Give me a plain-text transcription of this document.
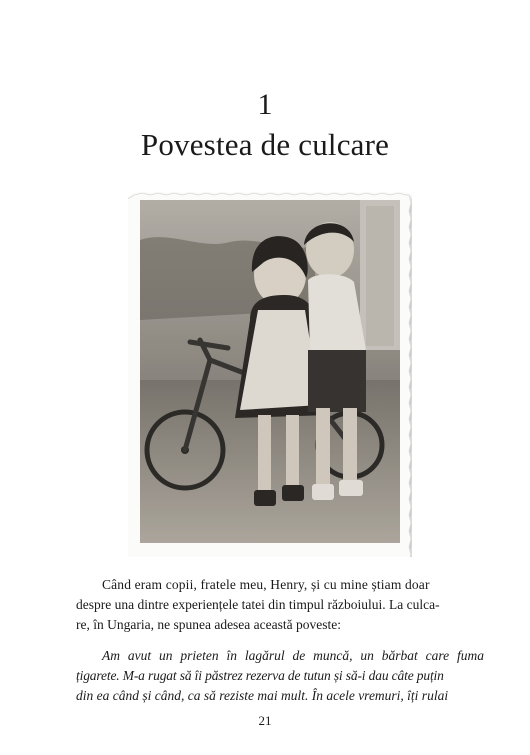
1
Povestea de culcare
Când eram copii, fratele meu, Henry, și cu mine știam doar
despre una dintre experiențele tatei din timpul războiului. La culca-
re, în Ungaria, ne spunea adesea această poveste:
Am avut un prieten în lagărul de muncă, un bărbat care fuma
țigarete. M-a rugat să îi păstrez rezerva de tutun și să-i dau câte puțin
din ea când și când, ca să reziste mai mult. În acele vremuri, îți rulai
21
